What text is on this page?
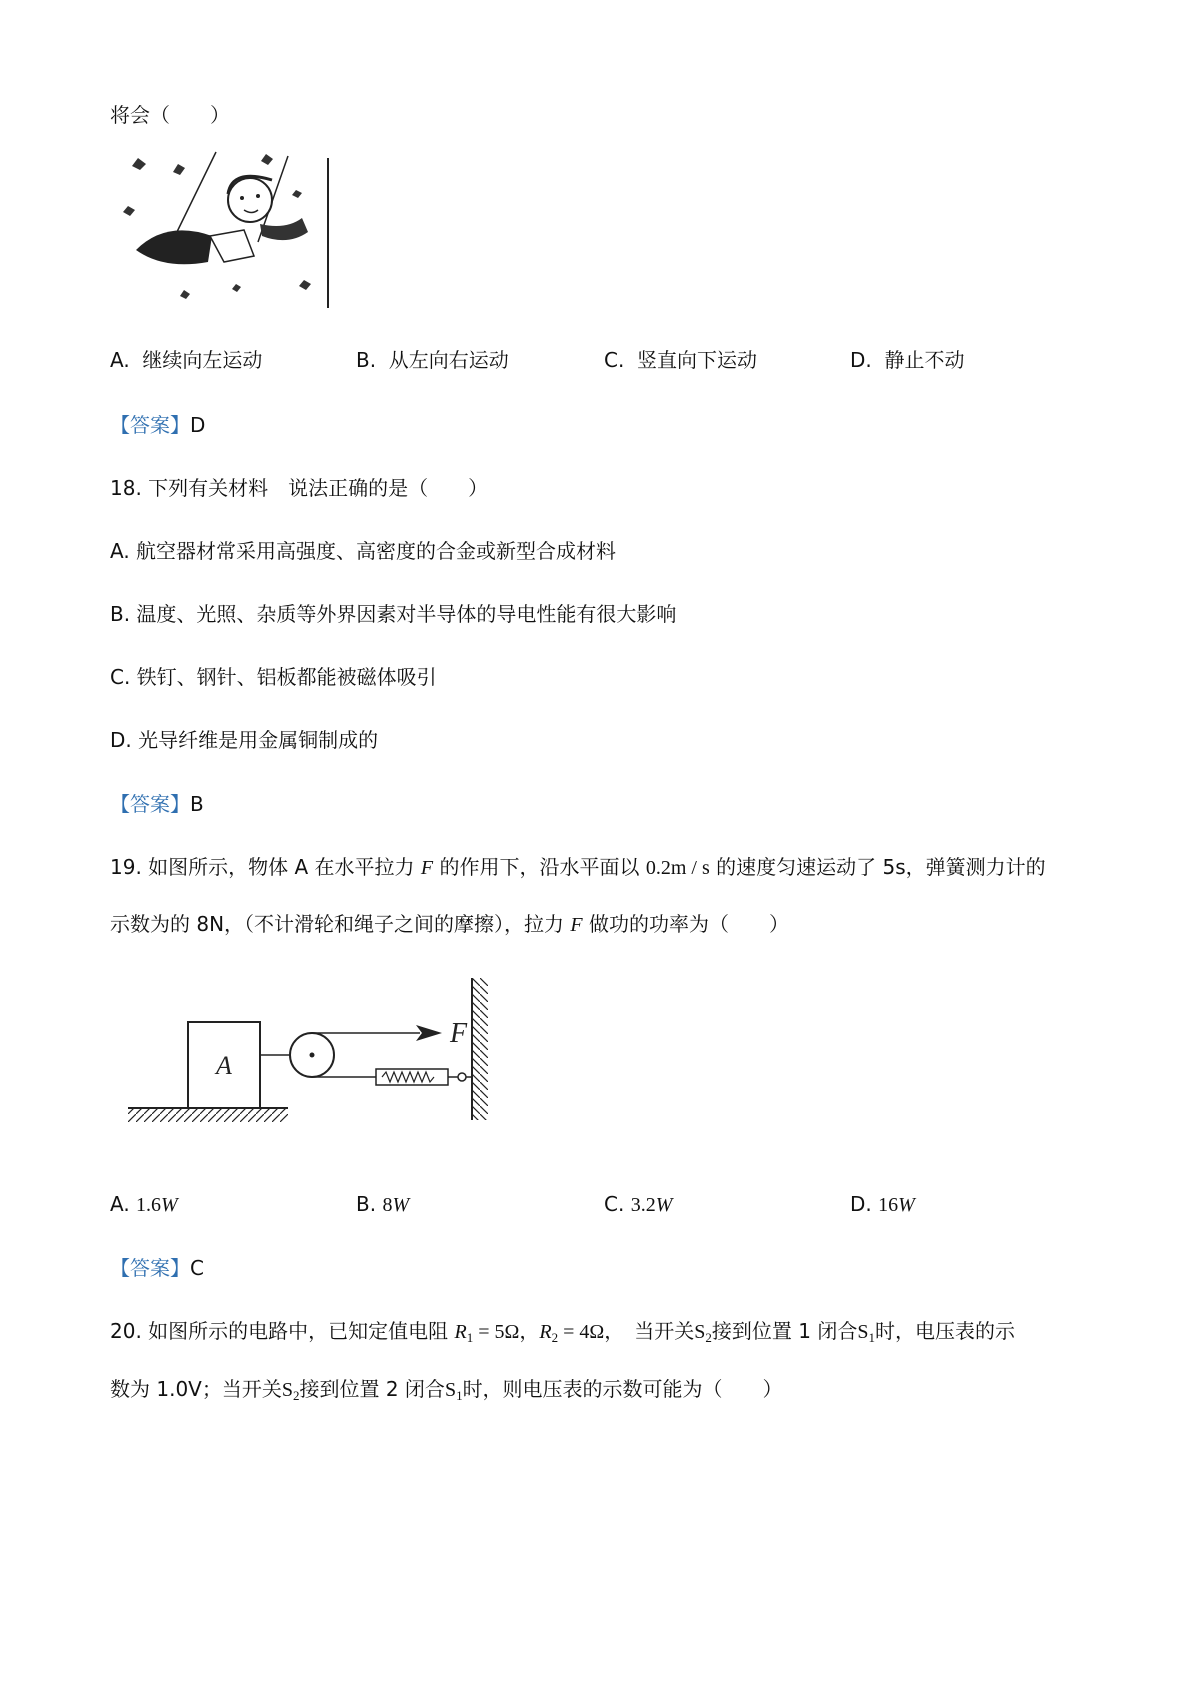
将会（　　）
A. 继续向左运动	B. 从左向右运动	C. 竖直向下运动	D. 静止不动
【答案】D
18. 下列有关材料　说法正确的是（　　）
A. 航空器材常采用高强度、高密度的合金或新型合成材料
B. 温度、光照、杂质等外界因素对半导体的导电性能有很大影响
C. 铁钉、钢针、铝板都能被磁体吸引
D. 光导纤维是用金属铜制成的
【答案】B
19. 如图所示，物体 A 在水平拉力 F 的作用下，沿水平面以 0.2m / s 的速度匀速运动了 5s，弹簧测力计的
示数为的 8N，（不计滑轮和绳子之间的摩擦），拉力 F 做功的功率为（　　）
A
F
A. 1.6W	B. 8W	C. 3.2W	D. 16W
【答案】C
20. 如图所示的电路中，已知定值电阻 $R_1 = 5\Omega$，$R_2 = 4\Omega$，　当开关$S_2$接到位置 1 闭合$S_1$时，电压表的示
数为 1.0V；当开关$S_2$接到位置 2 闭合$S_1$时，则电压表的示数可能为（　　）
